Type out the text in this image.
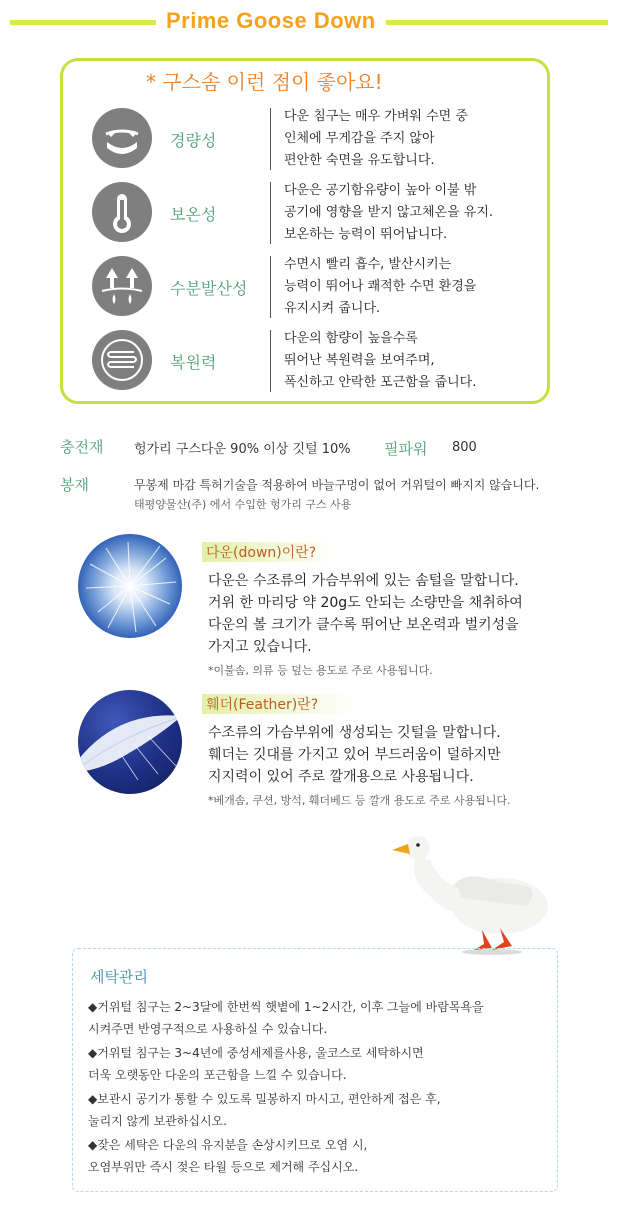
Prime Goose Down
* 구스솜 이런 점이 좋아요!
경량성
다운 침구는 매우 가벼워 수면 중
인체에 무게감을 주지 않아
편안한 숙면을 유도합니다.
보온성
다운은 공기함유량이 높아 이불 밖
공기에 영향을 받지 않고체온을 유지.
보온하는 능력이 뛰어납니다.
수분발산성
수면시 빨리 흡수, 발산시키는
능력이 뛰어나 쾌적한 수면 환경을
유지시켜 줍니다.
복원력
다운의 함량이 높을수록
뛰어난 복원력을 보여주며,
폭신하고 안락한 포근함을 줍니다.
충전재 헝가리 구스다운 90% 이상 깃털 10% 필파워 800
봉재	무봉제 마감 특허기술을 적용하여 바늘구멍이 없어 거위털이 빠지지 않습니다.
태평양물산(주) 에서 수입한 헝가리 구스 사용
다운(down)이란?
다운은 수조류의 가슴부위에 있는 솜털을 말합니다.
거위 한 마리당 약 20g도 안되는 소량만을 채취하여
다운의 볼 크기가 클수록 뛰어난 보온력과 벌키성을
가지고 있습니다.
*이불솜, 의류 등 덮는 용도로 주로 사용됩니다.
훼더(Feather)란?
수조류의 가슴부위에 생성되는 깃털을 말합니다.
훼더는 깃대를 가지고 있어 부드러움이 덜하지만
지지력이 있어 주로 깔개용으로 사용됩니다.
*베개솜, 쿠션, 방석, 훼더베드 등 깔개 용도로 주로 사용됩니다.
세탁관리
◆거위털 침구는 2~3달에 한번씩 햇볕에 1~2시간, 이후 그늘에 바람목욕을
시켜주면 반영구적으로 사용하실 수 있습니다.
◆거위털 침구는 3~4년에 중성세제를사용, 울코스로 세탁하시면
더욱 오랫동안 다운의 포근함을 느낄 수 있습니다.
◆보관시 공기가 통할 수 있도록 밀봉하지 마시고, 편안하게 접은 후,
눌리지 않게 보관하십시오.
◆잦은 세탁은 다운의 유지분을 손상시키므로 오염 시,
오염부위만 즉시 젖은 타월 등으로 제거해 주십시오.
